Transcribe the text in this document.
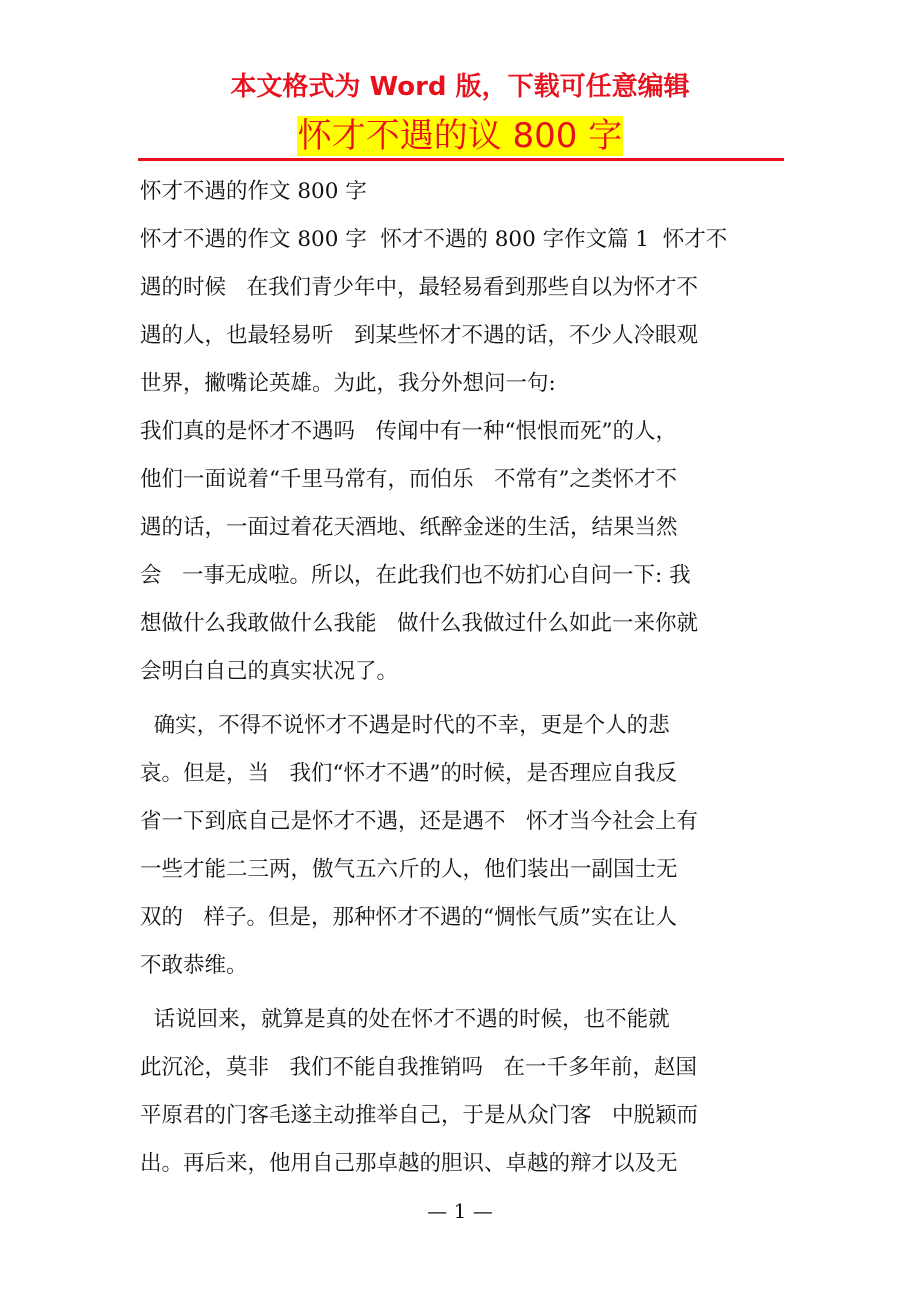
本文格式为 Word 版，下载可任意编辑
怀才不遇的议 800 字
怀才不遇的作文 800 字
怀才不遇的作文 800 字  怀才不遇的 800 字作文篇 1  怀才不
遇的时候   在我们青少年中，最轻易看到那些自以为怀才不
遇的人，也最轻易听   到某些怀才不遇的话，不少人冷眼观
世界，撇嘴论英雄。为此，我分外想问一句:
我们真的是怀才不遇吗   传闻中有一种“恨恨而死”的人，
他们一面说着“千里马常有，而伯乐   不常有”之类怀才不
遇的话，一面过着花天酒地、纸醉金迷的生活，结果当然
会   一事无成啦。所以，在此我们也不妨扪心自问一下: 我
想做什么我敢做什么我能   做什么我做过什么如此一来你就
会明白自己的真实状况了。
确实，不得不说怀才不遇是时代的不幸，更是个人的悲
哀。但是，当   我们“怀才不遇”的时候，是否理应自我反
省一下到底自己是怀才不遇，还是遇不   怀才当今社会上有
一些才能二三两，傲气五六斤的人，他们装出一副国士无
双的   样子。但是，那种怀才不遇的“惆怅气质”实在让人
不敢恭维。
话说回来，就算是真的处在怀才不遇的时候，也不能就
此沉沦，莫非   我们不能自我推销吗   在一千多年前，赵国
平原君的门客毛遂主动推举自己，于是从众门客   中脱颖而
出。再后来，他用自己那卓越的胆识、卓越的辩才以及无
— 1 —
